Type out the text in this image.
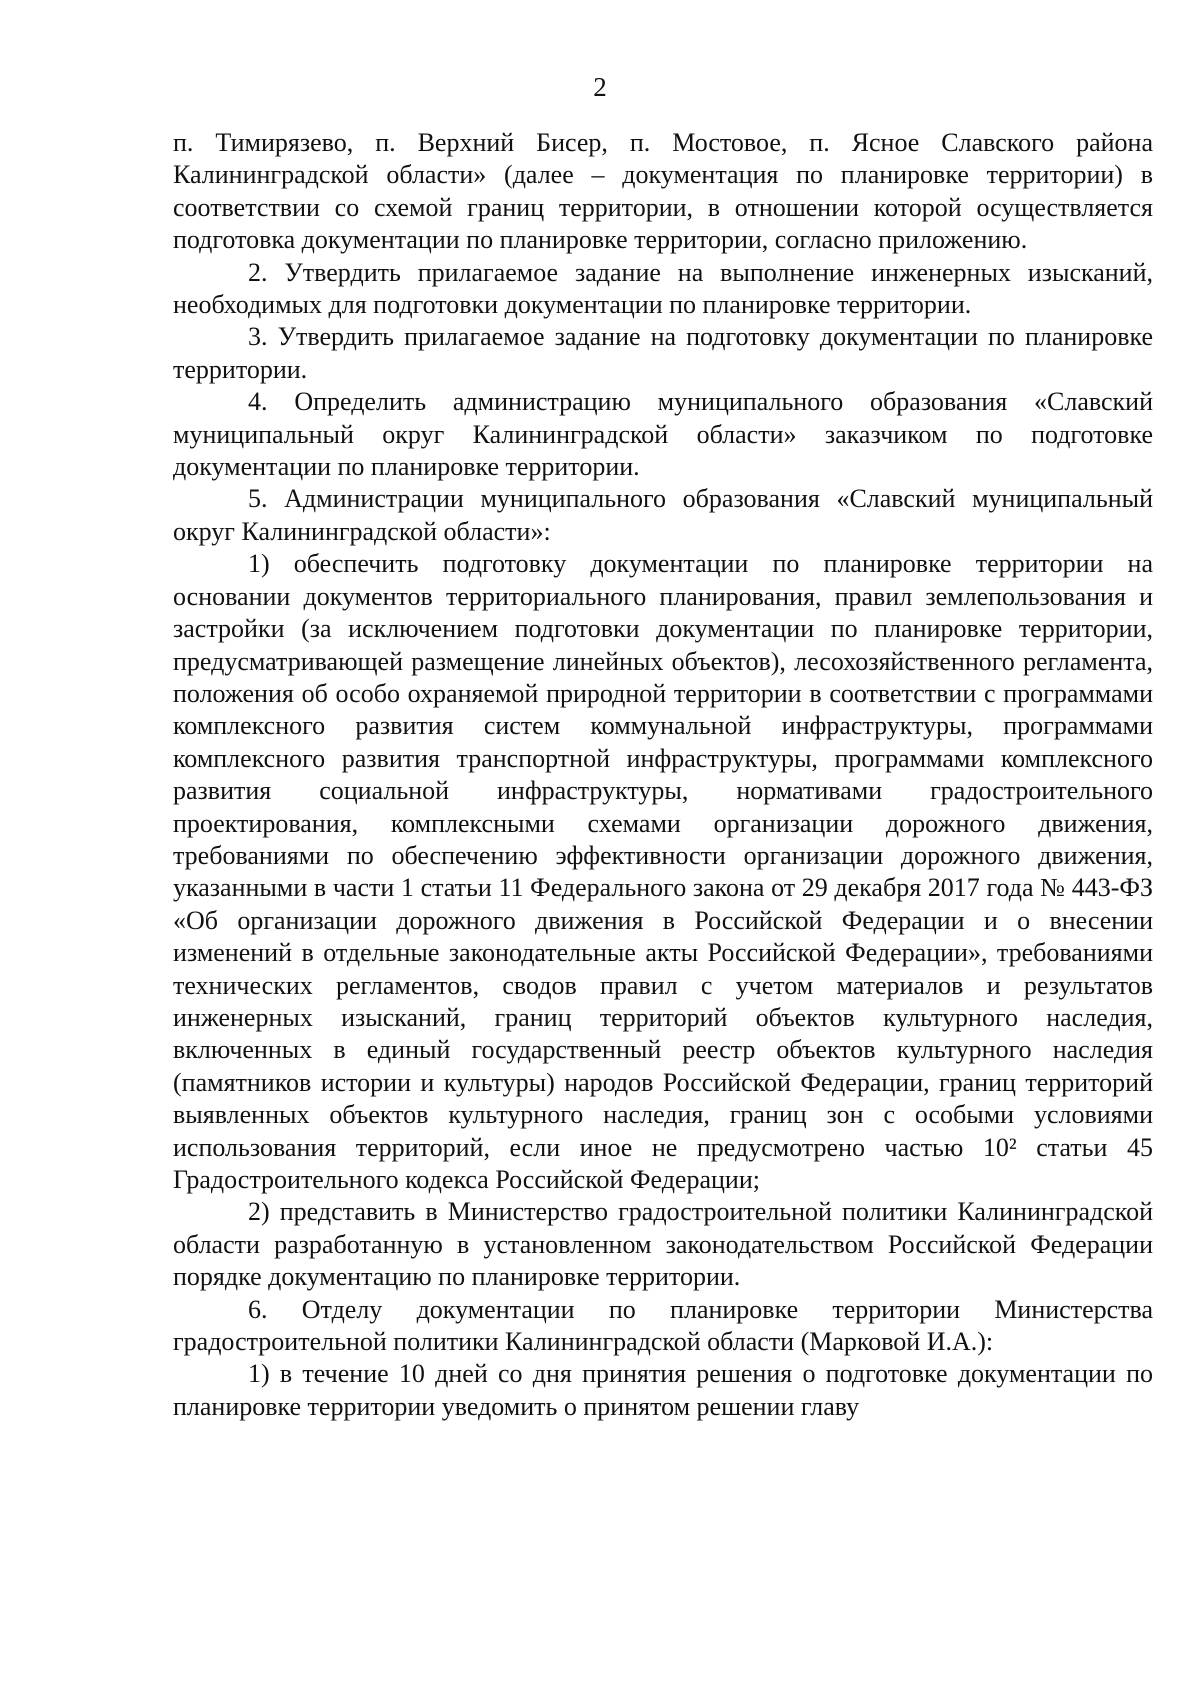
2

п. Тимирязево, п. Верхний Бисер, п. Мостовое, п. Ясное Славского района Калининградской области» (далее – документация по планировке территории) в соответствии со схемой границ территории, в отношении которой осуществляется подготовка документации по планировке территории, согласно приложению.

2. Утвердить прилагаемое задание на выполнение инженерных изысканий, необходимых для подготовки документации по планировке территории.

3. Утвердить прилагаемое задание на подготовку документации по планировке территории.

4. Определить администрацию муниципального образования «Славский муниципальный округ Калининградской области» заказчиком по подготовке документации по планировке территории.

5. Администрации муниципального образования «Славский муниципальный округ Калининградской области»:

1) обеспечить подготовку документации по планировке территории на основании документов территориального планирования, правил землепользования и застройки (за исключением подготовки документации по планировке территории, предусматривающей размещение линейных объектов), лесохозяйственного регламента, положения об особо охраняемой природной территории в соответствии с программами комплексного развития систем коммунальной инфраструктуры, программами комплексного развития транспортной инфраструктуры, программами комплексного развития социальной инфраструктуры, нормативами градостроительного проектирования, комплексными схемами организации дорожного движения, требованиями по обеспечению эффективности организации дорожного движения, указанными в части 1 статьи 11 Федерального закона от 29 декабря 2017 года № 443-ФЗ «Об организации дорожного движения в Российской Федерации и о внесении изменений в отдельные законодательные акты Российской Федерации», требованиями технических регламентов, сводов правил с учетом материалов и результатов инженерных изысканий, границ территорий объектов культурного наследия, включенных в единый государственный реестр объектов культурного наследия (памятников истории и культуры) народов Российской Федерации, границ территорий выявленных объектов культурного наследия, границ зон с особыми условиями использования территорий, если иное не предусмотрено частью 10² статьи 45 Градостроительного кодекса Российской Федерации;

2) представить в Министерство градостроительной политики Калининградской области разработанную в установленном законодательством Российской Федерации порядке документацию по планировке территории.

6. Отделу документации по планировке территории Министерства градостроительной политики Калининградской области (Марковой И.А.):

1) в течение 10 дней со дня принятия решения о подготовке документации по планировке территории уведомить о принятом решении главу
